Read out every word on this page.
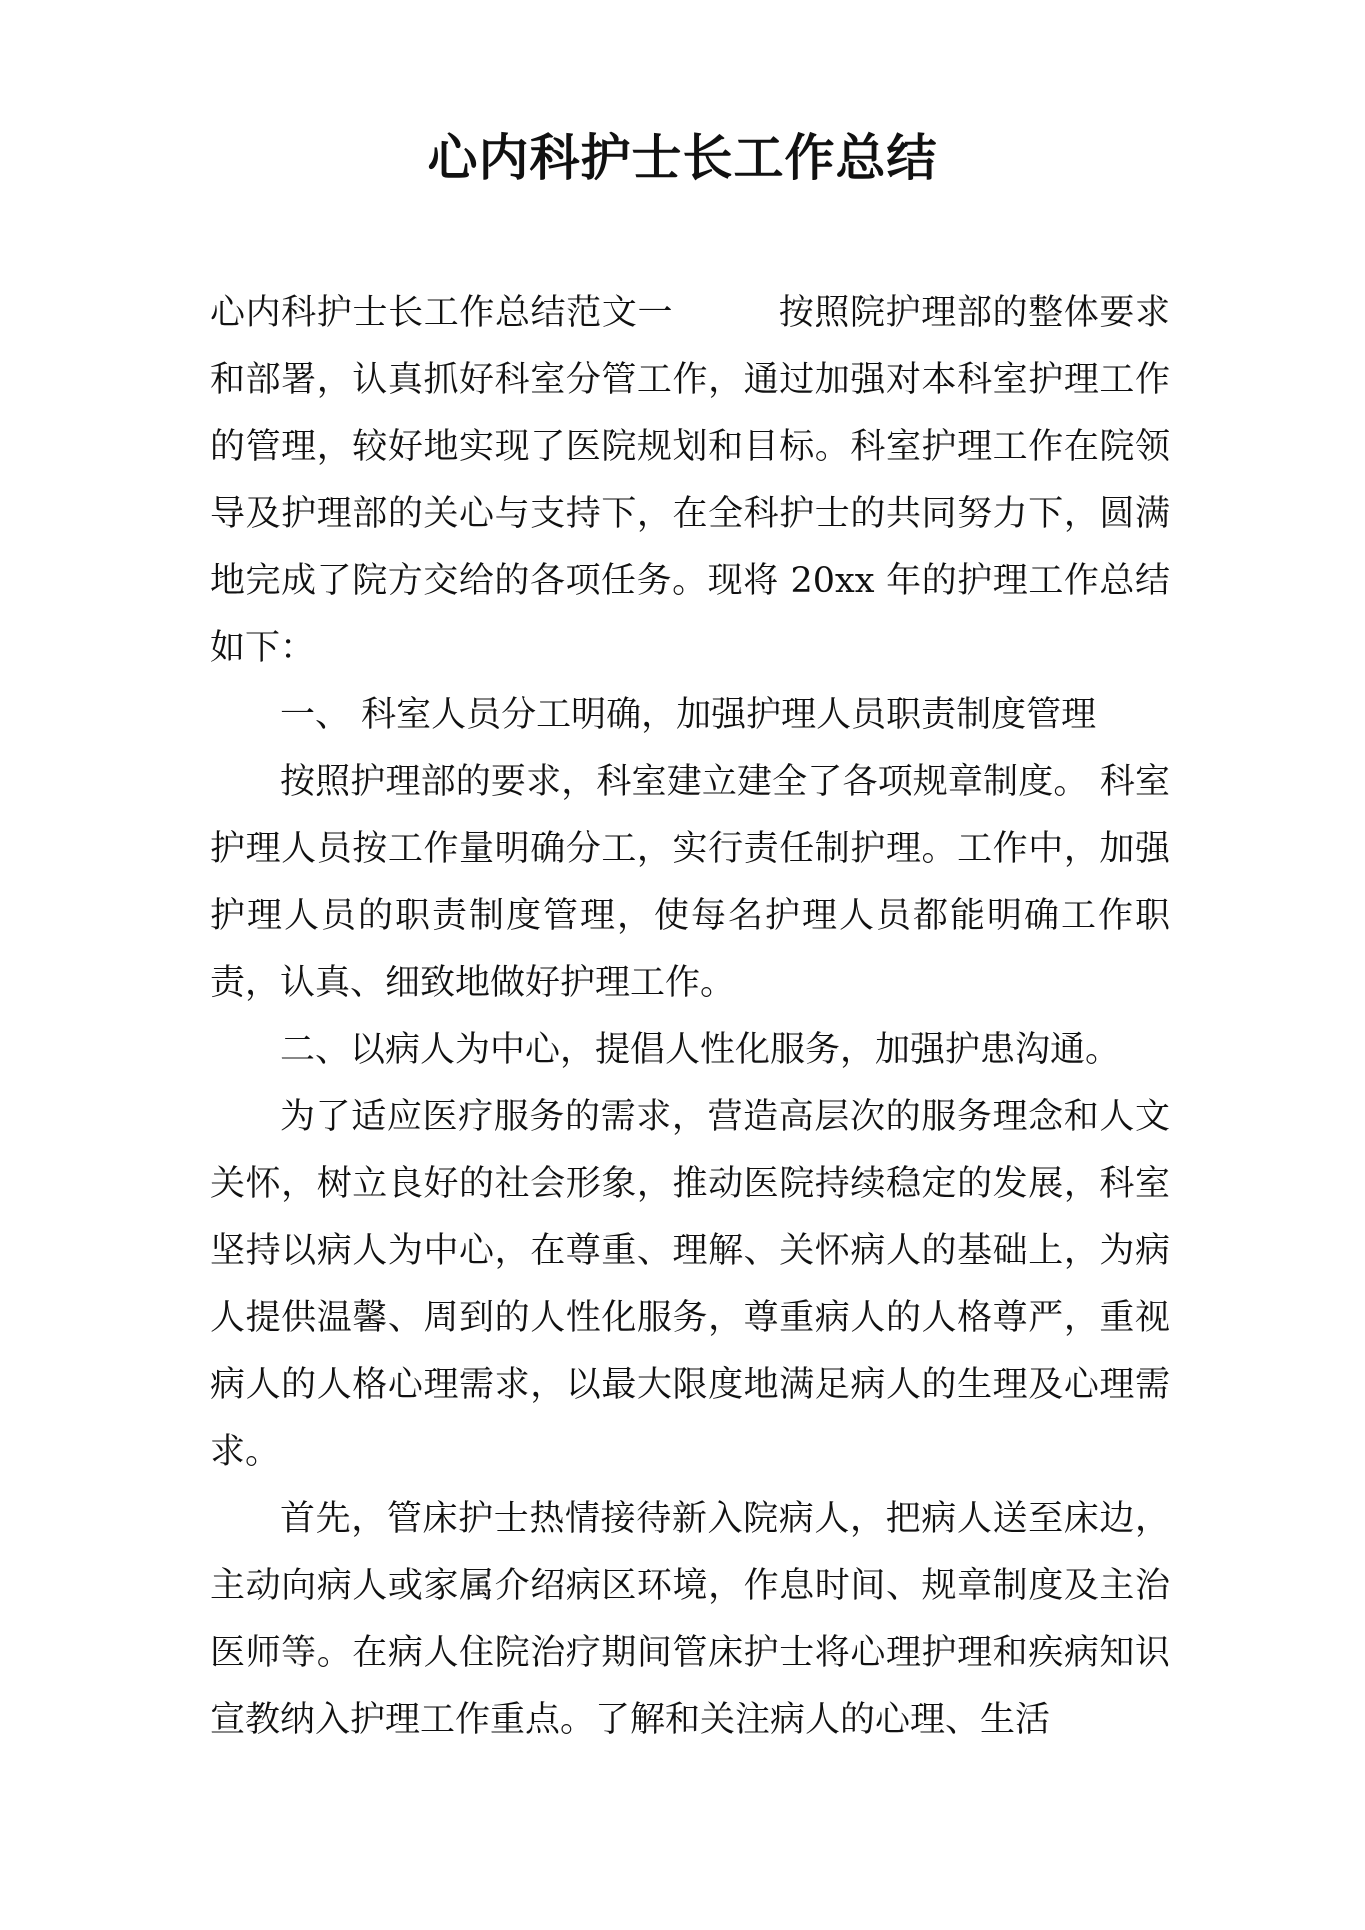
心内科护士长工作总结

心内科护士长工作总结范文一	按照院护理部的整体要求和部署，认真抓好科室分管工作，通过加强对本科室护理工作的管理，较好地实现了医院规划和目标。科室护理工作在院领导及护理部的关心与支持下，在全科护士的共同努力下，圆满地完成了院方交给的各项任务。现将 20xx 年的护理工作总结如下：

一、 科室人员分工明确，加强护理人员职责制度管理

按照护理部的要求，科室建立建全了各项规章制度。 科室护理人员按工作量明确分工，实行责任制护理。工作中，加强护理人员的职责制度管理，使每名护理人员都能明确工作职责，认真、细致地做好护理工作。

二、以病人为中心，提倡人性化服务，加强护患沟通。

为了适应医疗服务的需求，营造高层次的服务理念和人文关怀，树立良好的社会形象，推动医院持续稳定的发展，科室坚持以病人为中心，在尊重、理解、关怀病人的基础上，为病人提供温馨、周到的人性化服务，尊重病人的人格尊严，重视病人的人格心理需求，以最大限度地满足病人的生理及心理需求。

首先，管床护士热情接待新入院病人，把病人送至床边，主动向病人或家属介绍病区环境，作息时间、规章制度及主治医师等。在病人住院治疗期间管床护士将心理护理和疾病知识宣教纳入护理工作重点。了解和关注病人的心理、生活
